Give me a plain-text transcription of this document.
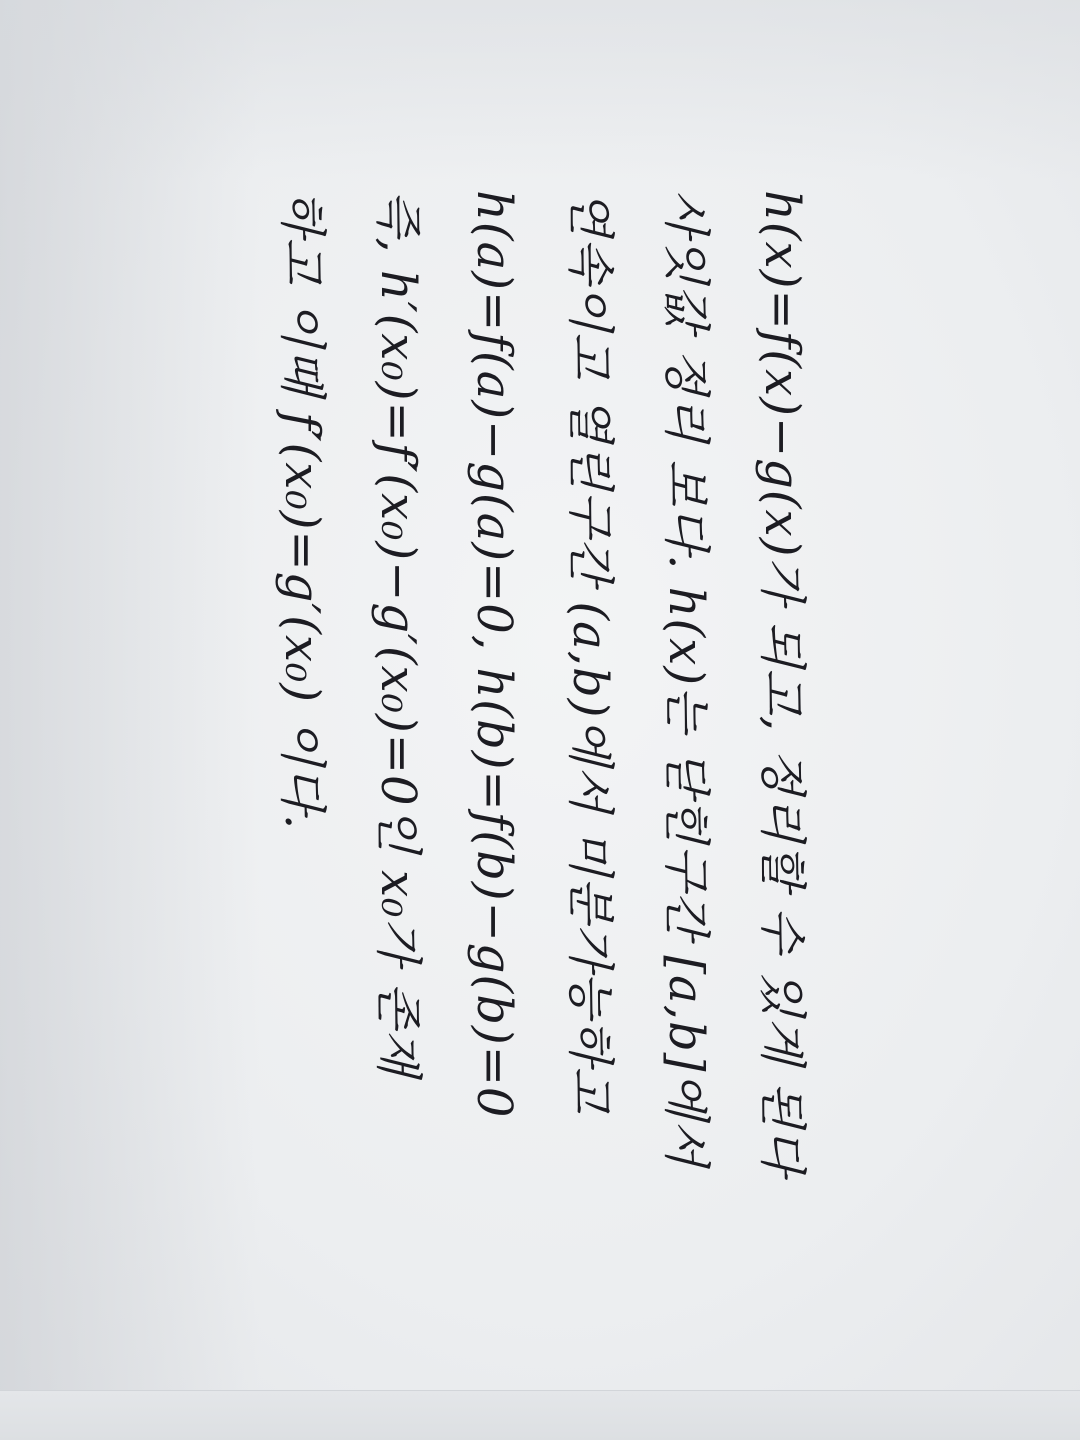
h(x)=f(x)−g(x)가 되고, 정리할 수 있게 된다
사잇값 정리 보다. h(x)는 닫힌구간 [a,b]에서
연속이고 열린구간 (a,b)에서 미분가능하고
h(a)=f(a)−g(a)=0, h(b)=f(b)−g(b)=0
즉, h′(x₀)=f′(x₀)−g′(x₀)=0인 x₀가 존재
하고 이때 f′(x₀)=g′(x₀) 이다.
